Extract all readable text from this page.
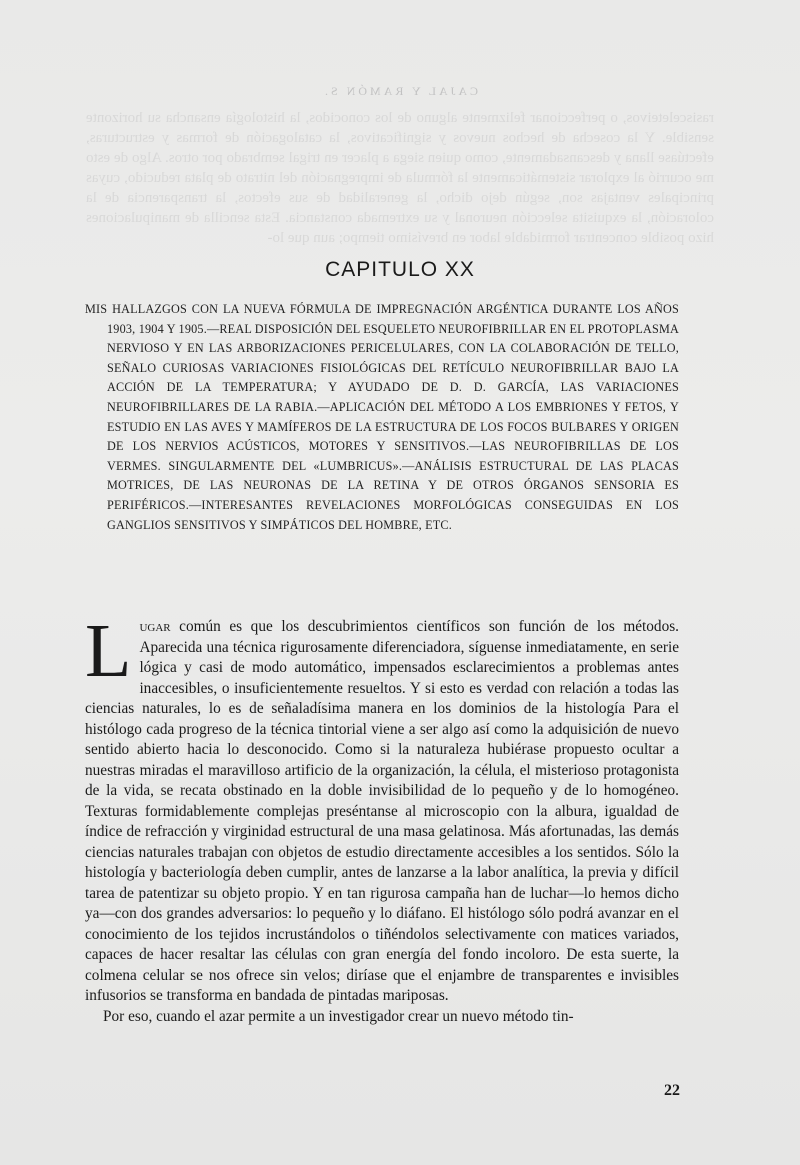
CAJAL Y RAMÓN S.
rasisceleteivos, o perfeccionar felizmente alguno de los conocidos, la histología ensancha su horizonte sensible. Y la cosecha de hechos nuevos y significativos, la catalogación de formas y estructuras, efectúase llana y descansadamente, como quien siega a placer en trigal sembrado por otros. Algo de esto me ocurrió al explorar sistemáticamente la fórmula de impregnación del nitrato de plata reducido, cuyas principales ventajas son, según dejo dicho, la generalidad de sus efectos, la transparencia de la coloración, la exquisita selección neuronal y su extremada constancia. Esta sencilla de manipulaciones hizo posible concentrar formidable labor en brevísimo tiempo; aun que lo-
CAPITULO XX

MIS HALLAZGOS CON LA NUEVA FÓRMULA DE IMPREGNACIÓN ARGÉNTICA DURANTE LOS AÑOS 1903, 1904 Y 1905.—REAL DISPOSICIÓN DEL ESQUELETO NEUROFIBRILLAR EN EL PROTOPLASMA NERVIOSO Y EN LAS ARBORIZACIONES PERICELULARES, CON LA COLABORACIÓN DE TELLO, SEÑALO CURIOSAS VARIACIONES FISIOLÓGICAS DEL RETÍCULO NEUROFIBRILLAR BAJO LA ACCIÓN DE LA TEMPERATURA; Y AYUDADO DE D. D. GARCÍA, LAS VARIACIONES NEUROFIBRILLARES DE LA RABIA.—APLICACIÓN DEL MÉTODO A LOS EMBRIONES Y FETOS, Y ESTUDIO EN LAS AVES Y MAMÍFEROS DE LA ESTRUCTURA DE LOS FOCOS BULBARES Y ORIGEN DE LOS NERVIOS ACÚSTICOS, MOTORES Y SENSITIVOS.—LAS NEUROFIBRILLAS DE LOS VERMES. SINGULARMENTE DEL «LUMBRICUS».—ANÁLISIS ESTRUCTURAL DE LAS PLACAS MOTRICES, DE LAS NEURONAS DE LA RETINA Y DE OTROS ÓRGANOS SENSORIA ES PERIFÉRICOS.—INTERESANTES REVELACIONES MORFOLÓGICAS CONSEGUIDAS EN LOS GANGLIOS SENSITIVOS Y SIMPÁTICOS DEL HOMBRE, ETC.

Lugar común es que los descubrimientos científicos son función de los métodos. Aparecida una técnica rigurosamente diferenciadora, síguense inmediatamente, en serie lógica y casi de modo automático, impensados esclarecimientos a problemas antes inaccesibles, o insuficientemente resueltos. Y si esto es verdad con relación a todas las ciencias naturales, lo es de señaladísima manera en los dominios de la histología Para el histólogo cada progreso de la técnica tintorial viene a ser algo así como la adquisición de nuevo sentido abierto hacia lo desconocido. Como si la naturaleza hubiérase propuesto ocultar a nuestras miradas el maravilloso artificio de la organización, la célula, el misterioso protagonista de la vida, se recata obstinado en la doble invisibilidad de lo pequeño y de lo homogéneo. Texturas formidablemente complejas preséntanse al microscopio con la albura, igualdad de índice de refracción y virginidad estructural de una masa gelatinosa. Más afortunadas, las demás ciencias naturales trabajan con objetos de estudio directamente accesibles a los sentidos. Sólo la histología y bacteriología deben cumplir, antes de lanzarse a la labor analítica, la previa y difícil tarea de patentizar su objeto propio. Y en tan rigurosa campaña han de luchar—lo hemos dicho ya—con dos grandes adversarios: lo pequeño y lo diáfano. El histólogo sólo podrá avanzar en el conocimiento de los tejidos incrustándolos o tiñéndolos selectivamente con matices variados, capaces de hacer resaltar las células con gran energía del fondo incoloro. De esta suerte, la colmena celular se nos ofrece sin velos; diríase que el enjambre de transparentes e invisibles infusorios se transforma en bandada de pintadas mariposas.

Por eso, cuando el azar permite a un investigador crear un nuevo método tin-

22
